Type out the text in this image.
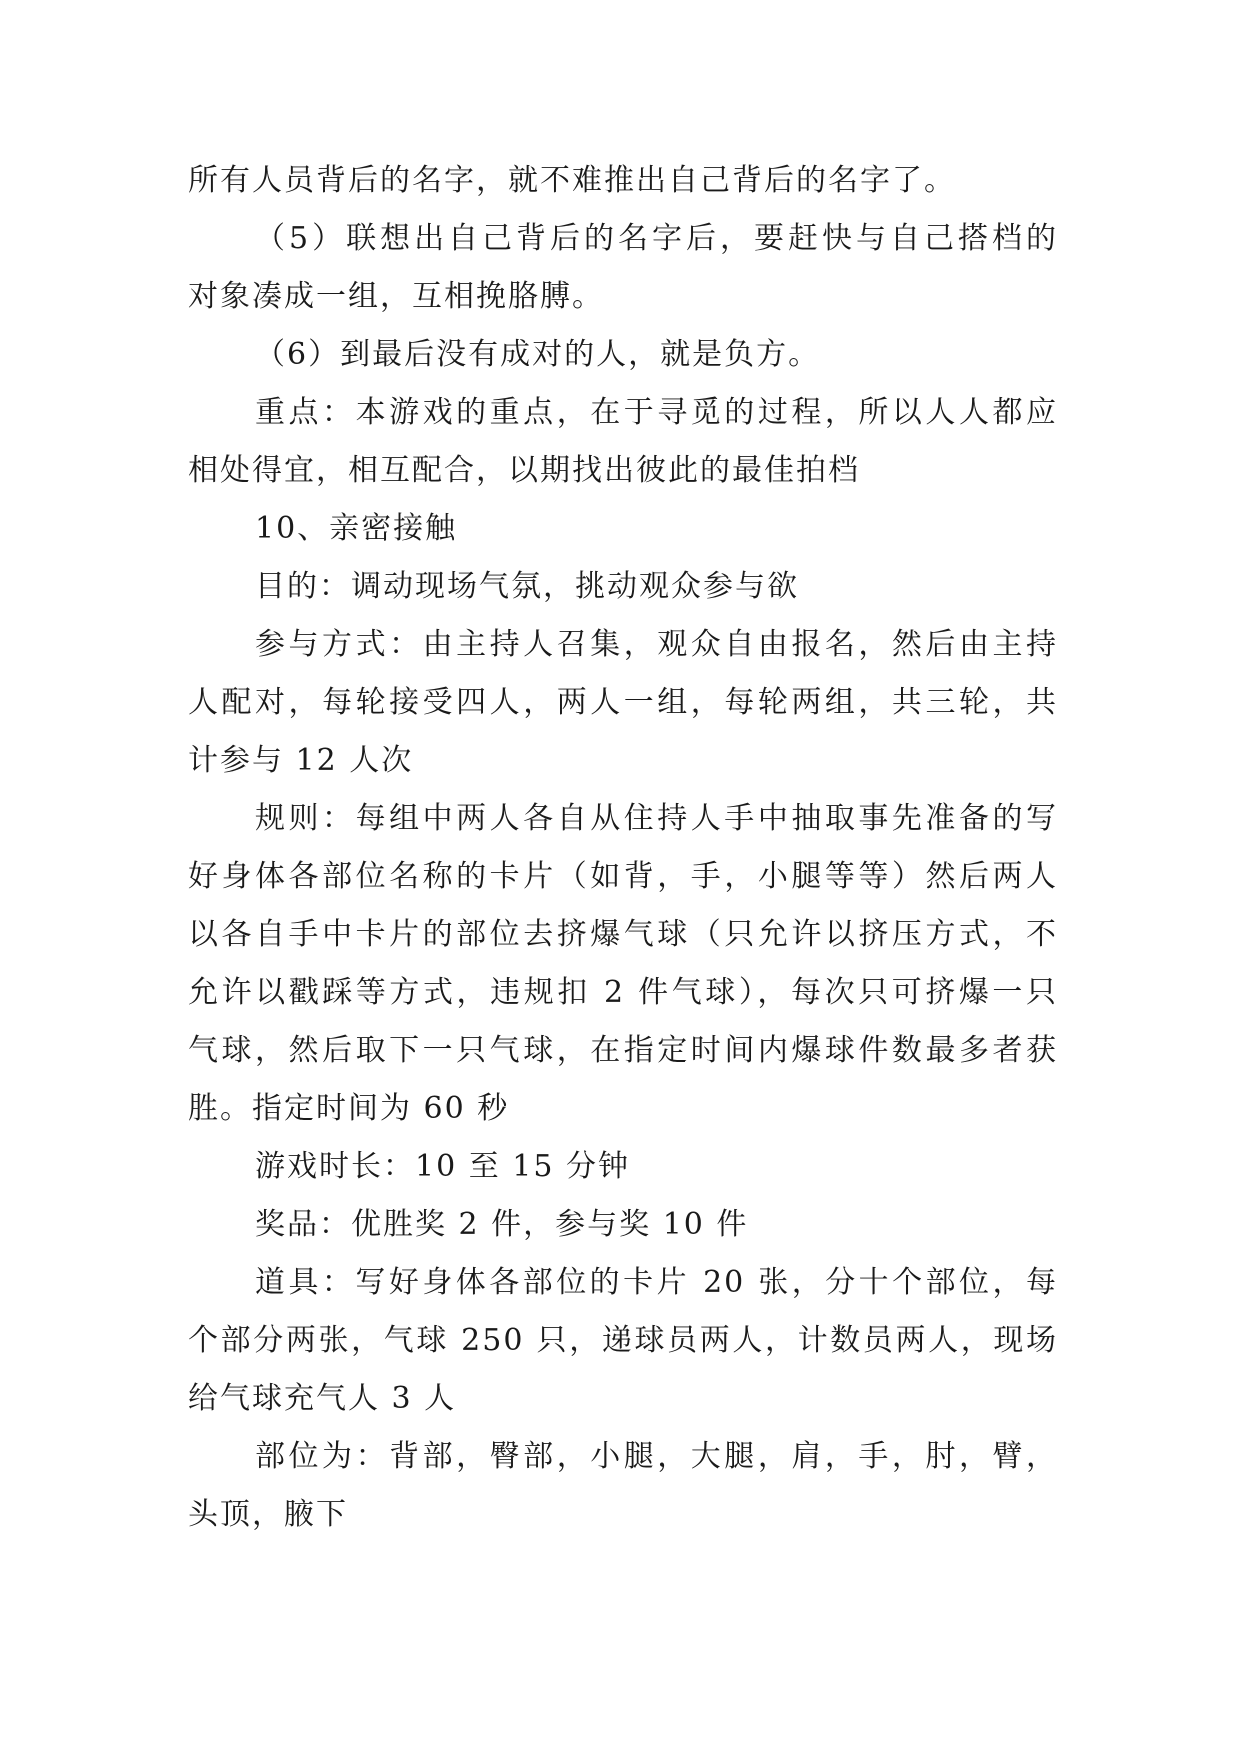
所有人员背后的名字，就不难推出自己背后的名字了。
（5）联想出自己背后的名字后，要赶快与自己搭档的
对象凑成一组，互相挽胳膊。
（6）到最后没有成对的人，就是负方。
重点：本游戏的重点，在于寻觅的过程，所以人人都应
相处得宜，相互配合，以期找出彼此的最佳拍档
10、亲密接触
目的：调动现场气氛，挑动观众参与欲
参与方式：由主持人召集，观众自由报名，然后由主持
人配对，每轮接受四人，两人一组，每轮两组，共三轮，共
计参与 12 人次
规则：每组中两人各自从住持人手中抽取事先准备的写
好身体各部位名称的卡片（如背，手，小腿等等）然后两人
以各自手中卡片的部位去挤爆气球（只允许以挤压方式，不
允许以戳踩等方式，违规扣 2 件气球），每次只可挤爆一只
气球，然后取下一只气球，在指定时间内爆球件数最多者获
胜。指定时间为 60 秒
游戏时长：10 至 15 分钟
奖品：优胜奖 2 件，参与奖 10 件
道具：写好身体各部位的卡片 20 张，分十个部位，每
个部分两张，气球 250 只，递球员两人，计数员两人，现场
给气球充气人 3 人
部位为：背部，臀部，小腿，大腿，肩，手，肘，臂，
头顶，腋下
